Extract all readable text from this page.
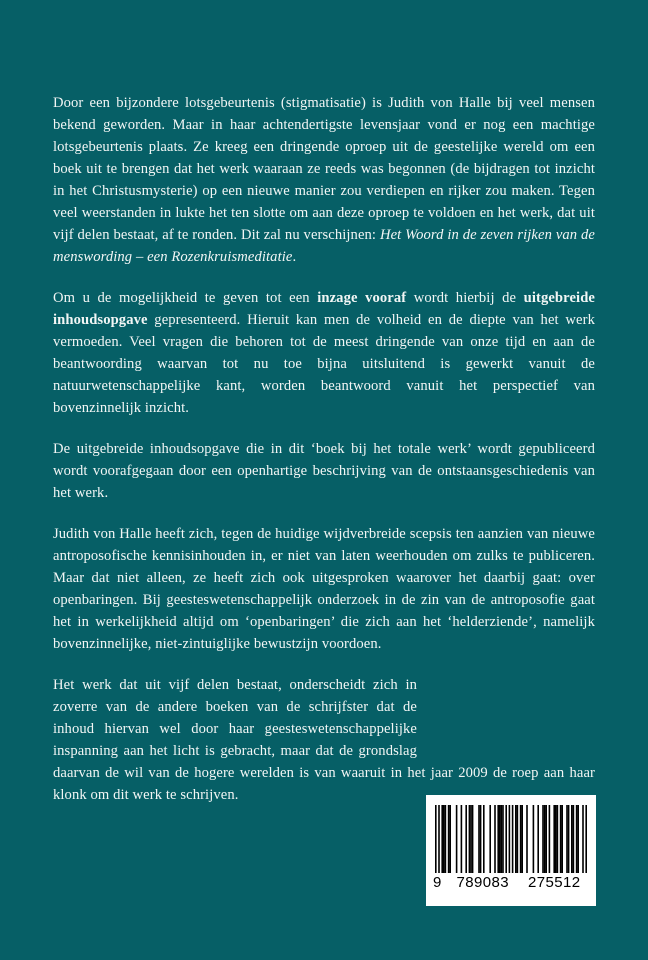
Door een bijzondere lotsgebeurtenis (stigmatisatie) is Judith von Halle bij veel mensen bekend geworden. Maar in haar achtendertigste levensjaar vond er nog een machtige lotsgebeurtenis plaats. Ze kreeg een dringende oproep uit de geestelijke wereld om een boek uit te brengen dat het werk waaraan ze reeds was begonnen (de bijdragen tot inzicht in het Christusmysterie) op een nieuwe manier zou verdiepen en rijker zou maken. Tegen veel weerstanden in lukte het ten slotte om aan deze oproep te voldoen en het werk, dat uit vijf delen bestaat, af te ronden. Dit zal nu verschijnen: Het Woord in de zeven rijken van de menswording – een Rozenkruismeditatie.

Om u de mogelijkheid te geven tot een inzage vooraf wordt hierbij de uitgebreide inhoudsopgave gepresenteerd. Hieruit kan men de volheid en de diepte van het werk vermoeden. Veel vragen die behoren tot de meest dringende van onze tijd en aan de beantwoording waarvan tot nu toe bijna uitsluitend is gewerkt vanuit de natuurwetenschappelijke kant, worden beantwoord vanuit het perspectief van bovenzinnelijk inzicht.

De uitgebreide inhoudsopgave die in dit ‘boek bij het totale werk’ wordt gepubliceerd wordt voorafgegaan door een openhartige beschrijving van de ontstaansgeschiedenis van het werk.

Judith von Halle heeft zich, tegen de huidige wijdverbreide scepsis ten aanzien van nieuwe antroposofische kennisinhouden in, er niet van laten weerhouden om zulks te publiceren. Maar dat niet alleen, ze heeft zich ook uitgesproken waarover het daarbij gaat: over openbaringen. Bij geesteswetenschappelijk onderzoek in de zin van de antroposofie gaat het in werkelijkheid altijd om ‘openbaringen’ die zich aan het ‘helderziende’, namelijk bovenzinnelijke, niet-zintuiglijke bewustzijn voordoen.

Het werk dat uit vijf delen bestaat, onderscheidt zich in zoverre van de andere boeken van de schrijfster dat de inhoud hiervan wel door haar geesteswetenschappelijke inspanning aan het licht is gebracht, maar dat de grondslag daarvan de wil van de hogere werelden is van waaruit in het jaar 2009 de roep aan haar klonk om dit werk te schrijven.

9 789083	275512
